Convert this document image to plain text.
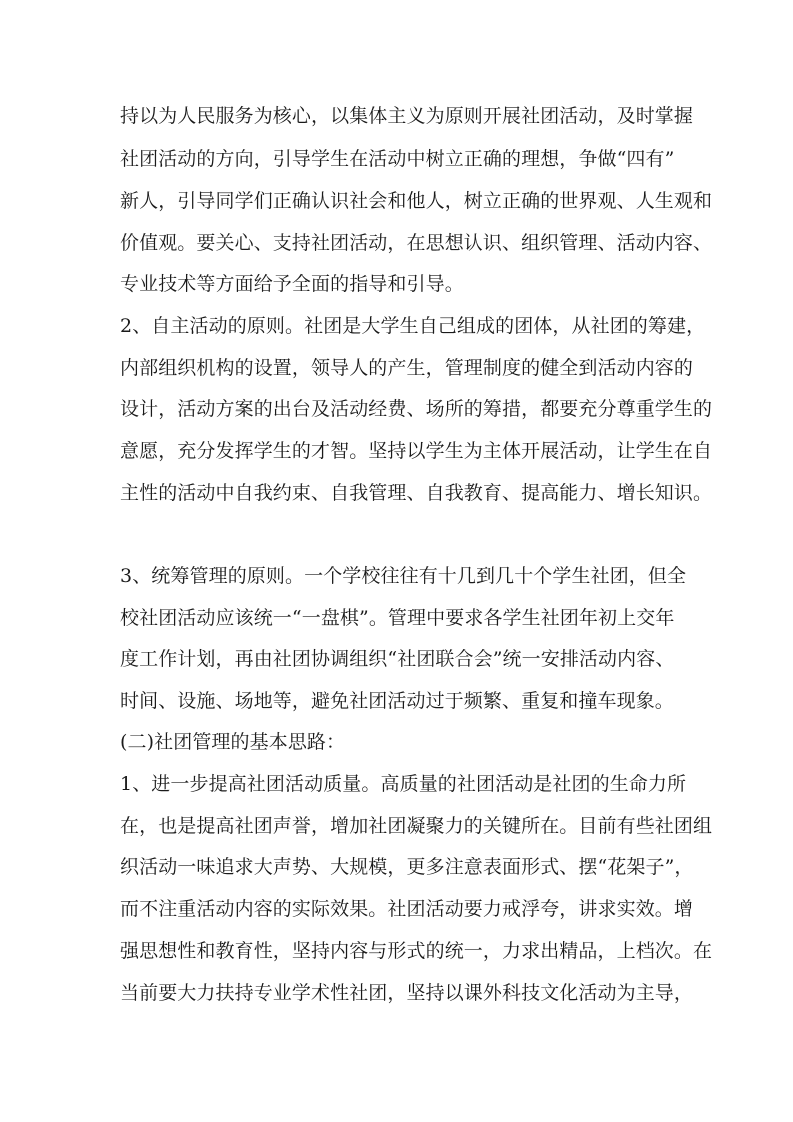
持以为人民服务为核心，以集体主义为原则开展社团活动，及时掌握
社团活动的方向，引导学生在活动中树立正确的理想，争做“四有”
新人，引导同学们正确认识社会和他人，树立正确的世界观、人生观和
价值观。要关心、支持社团活动，在思想认识、组织管理、活动内容、
专业技术等方面给予全面的指导和引导。
2、自主活动的原则。社团是大学生自己组成的团体，从社团的筹建，
内部组织机构的设置，领导人的产生，管理制度的健全到活动内容的
设计，活动方案的出台及活动经费、场所的筹措，都要充分尊重学生的
意愿，充分发挥学生的才智。坚持以学生为主体开展活动，让学生在自
主性的活动中自我约束、自我管理、自我教育、提高能力、增长知识。
3、统筹管理的原则。一个学校往往有十几到几十个学生社团，但全
校社团活动应该统一“一盘棋”。管理中要求各学生社团年初上交年
度工作计划，再由社团协调组织“社团联合会”统一安排活动内容、
时间、设施、场地等，避免社团活动过于频繁、重复和撞车现象。
(二)社团管理的基本思路：
1、进一步提高社团活动质量。高质量的社团活动是社团的生命力所
在，也是提高社团声誉，增加社团凝聚力的关键所在。目前有些社团组
织活动一味追求大声势、大规模，更多注意表面形式、摆“花架子”，
而不注重活动内容的实际效果。社团活动要力戒浮夸，讲求实效。增
强思想性和教育性，坚持内容与形式的统一，力求出精品，上档次。在
当前要大力扶持专业学术性社团，坚持以课外科技文化活动为主导，
